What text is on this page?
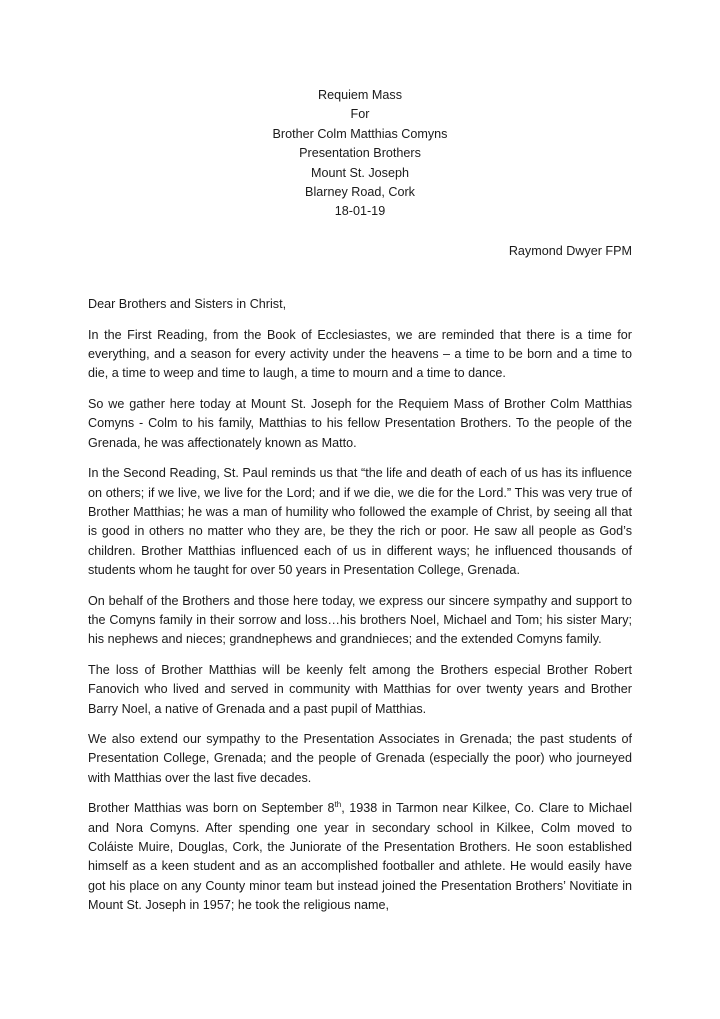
Requiem Mass
For
Brother Colm Matthias Comyns
Presentation Brothers
Mount St. Joseph
Blarney Road, Cork
18-01-19

Raymond Dwyer FPM

Dear Brothers and Sisters in Christ,

In the First Reading, from the Book of Ecclesiastes, we are reminded that there is a time for everything, and a season for every activity under the heavens – a time to be born and a time to die, a time to weep and time to laugh, a time to mourn and a time to dance.

So we gather here today at Mount St. Joseph for the Requiem Mass of Brother Colm Matthias Comyns - Colm to his family, Matthias to his fellow Presentation Brothers. To the people of the Grenada, he was affectionately known as Matto.

In the Second Reading, St. Paul reminds us that “the life and death of each of us has its influence on others; if we live, we live for the Lord; and if we die, we die for the Lord.” This was very true of Brother Matthias; he was a man of humility who followed the example of Christ, by seeing all that is good in others no matter who they are, be they the rich or poor. He saw all people as God’s children. Brother Matthias influenced each of us in different ways; he influenced thousands of students whom he taught for over 50 years in Presentation College, Grenada.

On behalf of the Brothers and those here today, we express our sincere sympathy and support to the Comyns family in their sorrow and loss…his brothers Noel, Michael and Tom; his sister Mary; his nephews and nieces; grandnephews and grandnieces; and the extended Comyns family.

The loss of Brother Matthias will be keenly felt among the Brothers especial Brother Robert Fanovich who lived and served in community with Matthias for over twenty years and Brother Barry Noel, a native of Grenada and a past pupil of Matthias.

We also extend our sympathy to the Presentation Associates in Grenada; the past students of Presentation College, Grenada; and the people of Grenada (especially the poor) who journeyed with Matthias over the last five decades.

Brother Matthias was born on September 8th, 1938 in Tarmon near Kilkee, Co. Clare to Michael and Nora Comyns. After spending one year in secondary school in Kilkee, Colm moved to Coláiste Muire, Douglas, Cork, the Juniorate of the Presentation Brothers. He soon established himself as a keen student and as an accomplished footballer and athlete. He would easily have got his place on any County minor team but instead joined the Presentation Brothers’ Novitiate in Mount St. Joseph in 1957; he took the religious name,
